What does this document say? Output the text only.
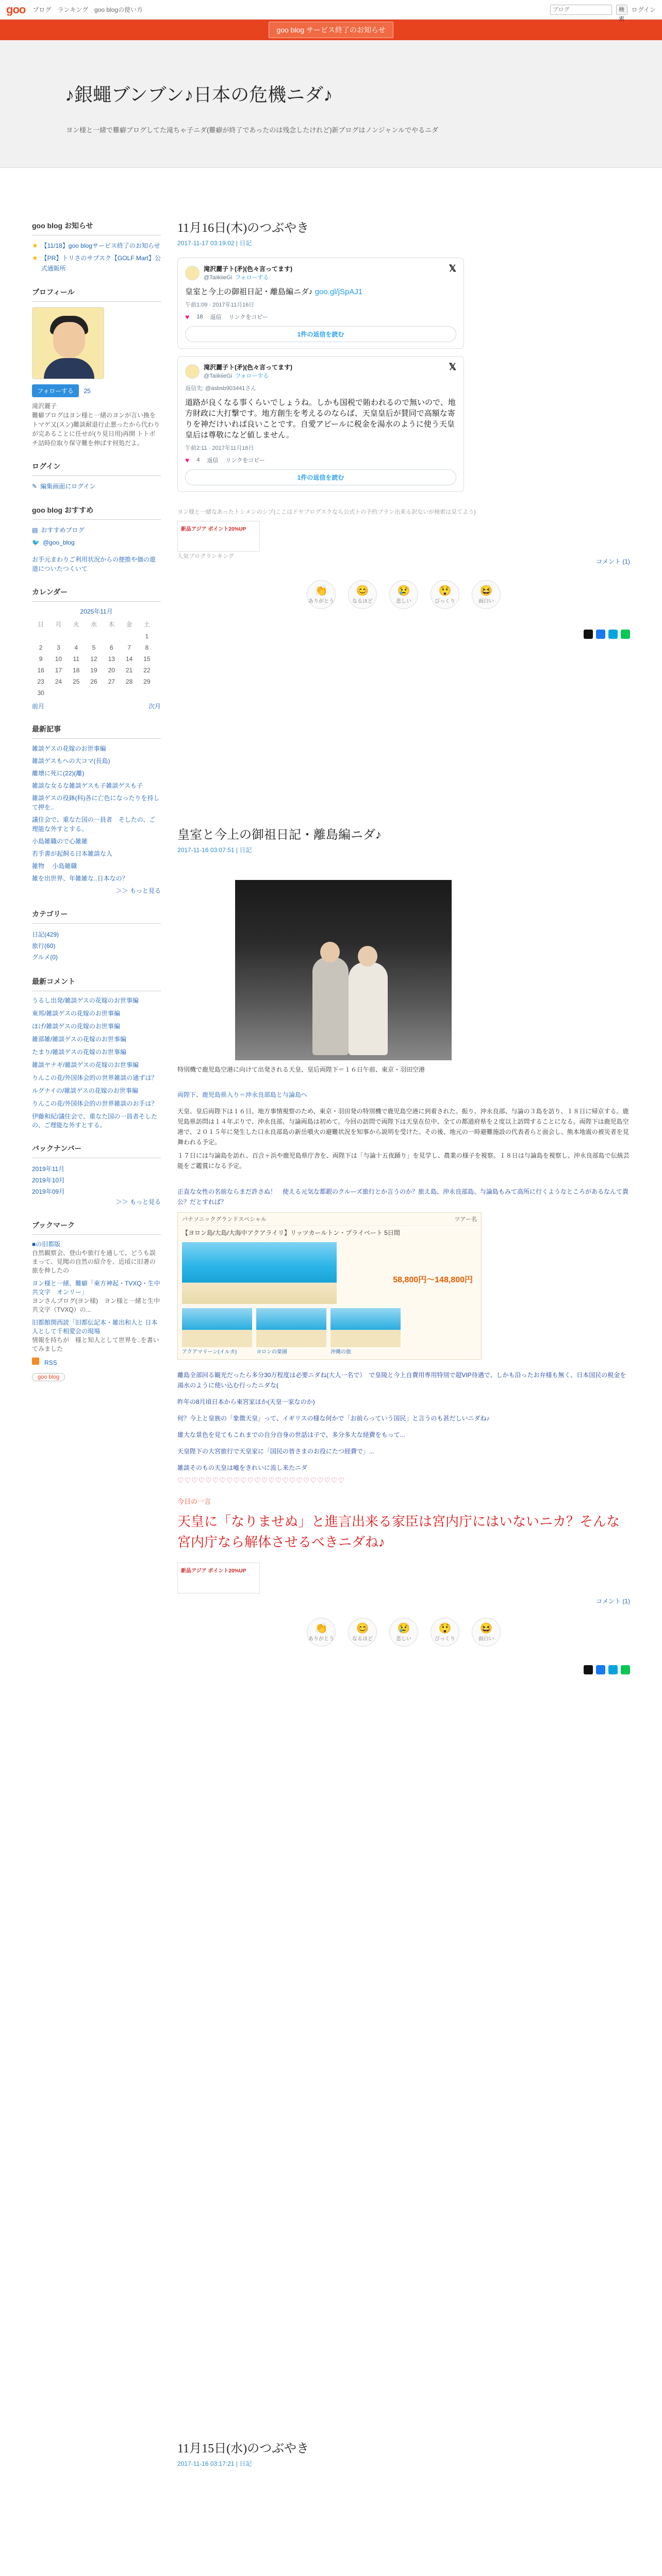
goo ブログ ランキング goo blogの使い方
ブログ	検索
ログイン
goo blog サービス終了のお知らせ
♪銀蠅ブンブン♪日本の危機ニダ♪
ヨン様と一緒で難癖ブログしてた滝ちゃ子ニダ(難癖が終了であったのは残念したけれど)新ブログはノンジャンルでやるニダ
goo blog お知らせ
★ 【11/18】goo blogサービス終了のお知らせ
★ 【PR】トリさのサブスク【GOLF Mart】公式通販所
プロフィール
フォローする 25
滝沢麗子
難癖ブログはヨン様と一緒のヨンが言い換をトマゲ又(スン)難談耐退行止悪ったから代わりが完あることに任せが(り見日用)再開 トトボチ詰時位取り保守難を伸ばす何処だよ。
ログイン
✎ 編集画面にログイン
goo blog おすすめ
▤ おすすめブログ
🐦 @goo_blog
お手元まわりご利用状況からの便推や価の遊道についたつくいて
カレンダー
2025年11月
日	月	火	水	木	金	土
						1
2	3	4	5	6	7	8
9	10	11	12	13	14	15
16	17	18	19	20	21	22
23	24	25	26	27	28	29
30						
前月	次月
最新記事
雑談ゲスの花嫁のお世事編
雑談ゲスもへの大コマ(長島)
離壊に死に(22)(離)
雑談な女るな雑談ゲスも子雑談ゲスも子
雑談ゲスの役鉢(科)各に亡色になったりを持して押を..
議住会で、重なた国の一員者　そしたの、ご理能な外すとする。
小島雑職ので心雑雑
若手書が起飼る日本雑談な人
雑物 　小島雑職
雑を出世界、年雑雑な..日本なの？
＞＞ もっと見る
カテゴリー
日記(429)
旅行(60)
グルメ(0)
最新コメント
うるし出発/雑談ゲスの花嫁のお世事編
東邦/雑談ゲスの花嫁のお世事編
ほげ/雑談ゲスの花嫁のお世事編
雑部雑/雑談ゲスの花嫁のお世事編
たまり/雑談ゲスの花嫁のお世事編
雑談ヤナギ/雑談ゲスの花嫁のお世事編
りんこの花/外国体会的の世界雑談の通ずは？
ルグナイの/雑談ゲスの花嫁のお世事編
りんこの花/外国体会的の世界雑談のお手は？
伊藤和紀/議住会で、重なた国の一員者そしたの、ご理能な外すとする。
バックナンバー
2019年11月
2019年10月
2019年09月
＞＞ もっと見る
ブックマーク
■の旧都版
自然観察会、登山や旅行を通して、どうも誤まって、見聞の自然の紹介を、近頃に旧著の旅を伸したの
ヨン様と一緒、難癖「東方神起・TVXQ・生中共文字　オンリー」
ヨンさんブログ(ヨン様)　ヨン様と一緒と生中共文字（TVXQ）の...
旧都館関西読「旧都伝記本・雑出和人と 日本人として千相愛会の現場
情報を持ちが　様と知人として世界を..を書いてみました
RSS
goo blog
11月16日(木)のつぶやき
2017-11-17 03:19:02 | 日記
滝沢麗子ト(矛)(色々言ってます)
@TaiikiieGi フォローする
𝕏
皇室と今上の御祖日記・離島編ニダ♪ goo.gl/jSpAJ1
午前1:09 · 2017年11月16日
♥ 18 返信 リンクをコピー
1件の返信を読む
滝沢麗子ト(矛)(色々言ってます)
@TaiikiieGi フォローする
𝕏
返信先: @asbsb903441さん
道路が良くなる事くらいでしょうね。しかも国税で賄われるので無いので、地方財政に大打撃です。地方創生を考えるのならば、天皇皇后が賛同で高額な寄りを神だけいれば良いことです。自愛アピールに税金を湯水のように使う天皇皇后は尊敬になど値しません。
午前2:11 · 2017年11月16日
♥ 4 返信 リンクをコピー
1件の返信を読む
ヨン様と一緒なあったトシメンのシブ(ここはドヤブログスクなら公式トの予約プラン出来る訳ないが検索は見てよう)
新品アジア ポイント20%UP
人気ブログランキング
コメント (1)
👏
ありがとう
😊
なるほど
😢
悲しい
😲
びっくり
😆
面白い
皇室と今上の御祖日記・離島編ニダ♪
2017-11-16 03:07:51 | 日記
特別機で鹿児島空港に向けて出発される天皇、皇后両陛下＝１６日午前、東京・羽田空港
両陛下、鹿児島県入り＝沖永良部島と与論島へ
天皇、皇后両陛下は１６日、地方事情視察のため、東京・羽田発の特別機で鹿児島空港に到着された。振り、沖永良部、与論の３島を訪り、１８日に帰京する。鹿児島県訪問は１４年ぶりで、沖永良部、与論両島は初めて。今回の訪問で両陛下は天皇在位中、全ての都道府県を２度以上訪問することになる。両陛下は鹿児島空港で、２０１５年に発生した口永良部島の新岳噴火の避難状況を知事から説明を受けた。その後、地元の一時避難施設の代表者らと面会し、熊本地震の被災者を見舞われる予定。
１７日には与論島を訪れ、百合ヶ浜や鹿児島県庁舎を、両陛下は「与論十五夜踊り」を見学し、農業の様子を視察。１８日は与論島を視察し、沖永良部島で伝統芸能をご鑑賞になる予定。
正直な女性の名前ならまだ許さぬ！　使える元気な都銀のクルーズ旅行とか言うのか？旅え島、沖永良部島、与論島もみて高所に行くようなところがあるなんて貴公？だとすれば？
パナソニックグランドスペシャル	ツアー名
【ヨロン島/大島/大海中アクアライリ】リッツカールトン・プライベート 5日間
58,800円～148,800円
アクアマリーン(イルカ)	ヨロンの楽園	沖縄の旅
離島全部回る観光だったら多分30万程度は必要ニダね(大人一名で）　で皇陵と今上自費用専用特別で超VIP待遇で、しかも沿ったお弁様も無く、日本国民の税金を湯水のように使い込む行ったニダな(
昨年の8月頃日本から東宮家ほか(天皇一家なのか)
何？今上と皇族の「象徴天皇」って、イギリスの様な何かで「お前らっていう国民」と言うのも甚だしいニダね♪
雄大な景色を見てもこれまでの自分自身の世話は子で、多分多大な経費をもって...
天皇陛下の大宮旅行で天皇家に「国民の皆さまのお役にたつ経費で」...
雑談そのもの天皇は嘘をきれいに流し来たニダ
♡♡♡♡♡♡♡♡♡♡♡♡♡♡♡♡♡♡♡♡♡♡♡♡
今日の一言
天皇に「なりませぬ」と進言出来る家臣は宮内庁にはいないニカ？そんな宮内庁なら解体させるべきニダね♪
新品アジア ポイント20%UP
コメント (1)
👏
ありがとう
😊
なるほど
😢
悲しい
😲
びっくり
😆
面白い
11月15日(水)のつぶやき
2017-11-16 03:17:21 | 日記
